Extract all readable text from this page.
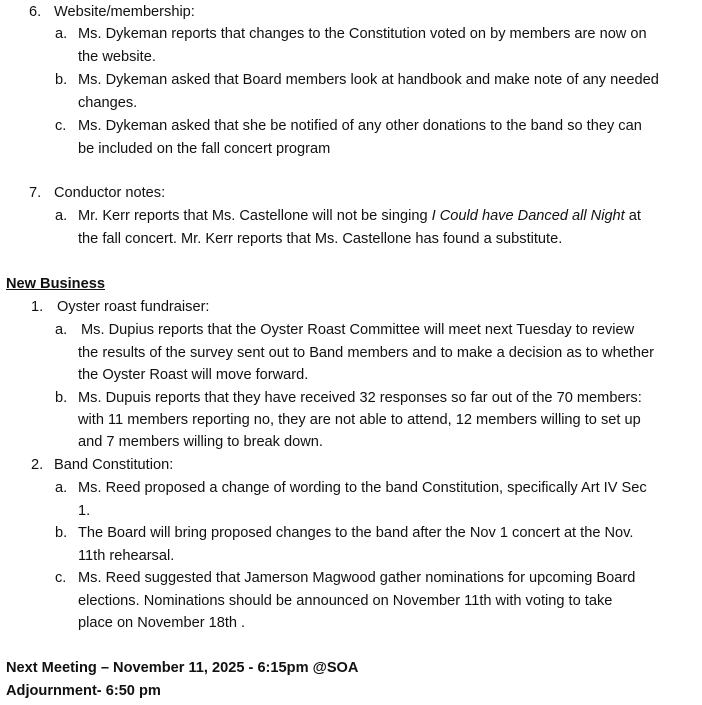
6. Website/membership:
a. Ms. Dykeman reports that changes to the Constitution voted on by members are now on
the website.
b. Ms. Dykeman asked that Board members look at handbook and make note of any needed
changes.
c. Ms. Dykeman asked that she be notified of any other donations to the band so they can
be included on the fall concert program
7. Conductor notes:
a. Mr. Kerr reports that Ms. Castellone will not be singing I Could have Danced all Night at
the fall concert. Mr. Kerr reports that Ms. Castellone has found a substitute.
New Business
1. Oyster roast fundraiser:
a. Ms. Dupius reports that the Oyster Roast Committee will meet next Tuesday to review
the results of the survey sent out to Band members and to make a decision as to whether
the Oyster Roast will move forward.
b. Ms. Dupuis reports that they have received 32 responses so far out of the 70 members:
with 11 members reporting no, they are not able to attend, 12 members willing to set up
and 7 members willing to break down.
2. Band Constitution:
a. Ms. Reed proposed a change of wording to the band Constitution, specifically Art IV Sec
1.
b. The Board will bring proposed changes to the band after the Nov 1 concert at the Nov.
11th rehearsal.
c. Ms. Reed suggested that Jamerson Magwood gather nominations for upcoming Board
elections. Nominations should be announced on November 11th with voting to take
place on November 18th .
Next Meeting – November 11, 2025 - 6:15pm @SOA
Adjournment- 6:50 pm
